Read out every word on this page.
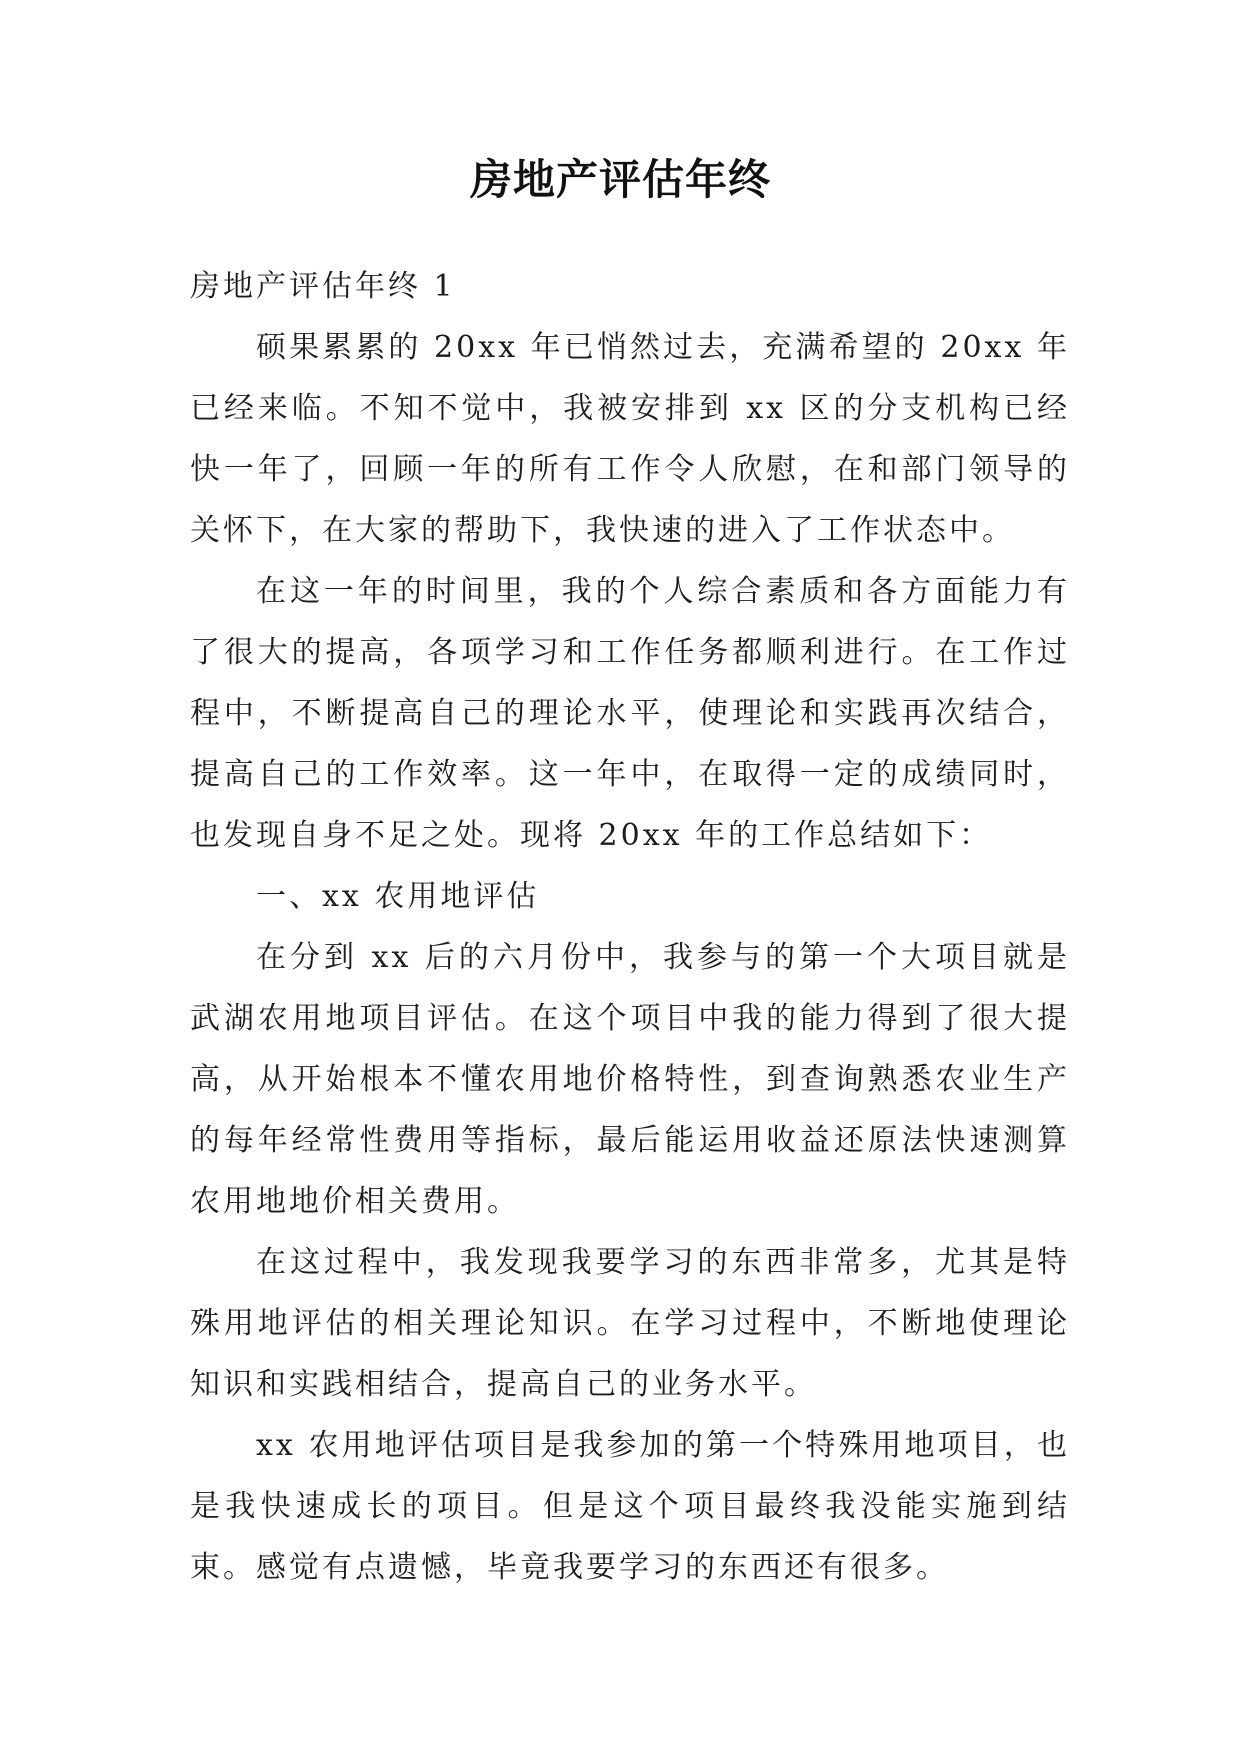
房地产评估年终

房地产评估年终 1

硕果累累的 20xx 年已悄然过去，充满希望的 20xx 年已经来临。不知不觉中，我被安排到 xx 区的分支机构已经快一年了，回顾一年的所有工作令人欣慰，在和部门领导的关怀下，在大家的帮助下，我快速的进入了工作状态中。

在这一年的时间里，我的个人综合素质和各方面能力有了很大的提高，各项学习和工作任务都顺利进行。在工作过程中，不断提高自己的理论水平，使理论和实践再次结合，提高自己的工作效率。这一年中，在取得一定的成绩同时，也发现自身不足之处。现将 20xx 年的工作总结如下：

一、xx 农用地评估

在分到 xx 后的六月份中，我参与的第一个大项目就是武湖农用地项目评估。在这个项目中我的能力得到了很大提高，从开始根本不懂农用地价格特性，到查询熟悉农业生产的每年经常性费用等指标，最后能运用收益还原法快速测算农用地地价相关费用。

在这过程中，我发现我要学习的东西非常多，尤其是特殊用地评估的相关理论知识。在学习过程中，不断地使理论知识和实践相结合，提高自己的业务水平。

xx 农用地评估项目是我参加的第一个特殊用地项目，也是我快速成长的项目。但是这个项目最终我没能实施到结束。感觉有点遗憾，毕竟我要学习的东西还有很多。
